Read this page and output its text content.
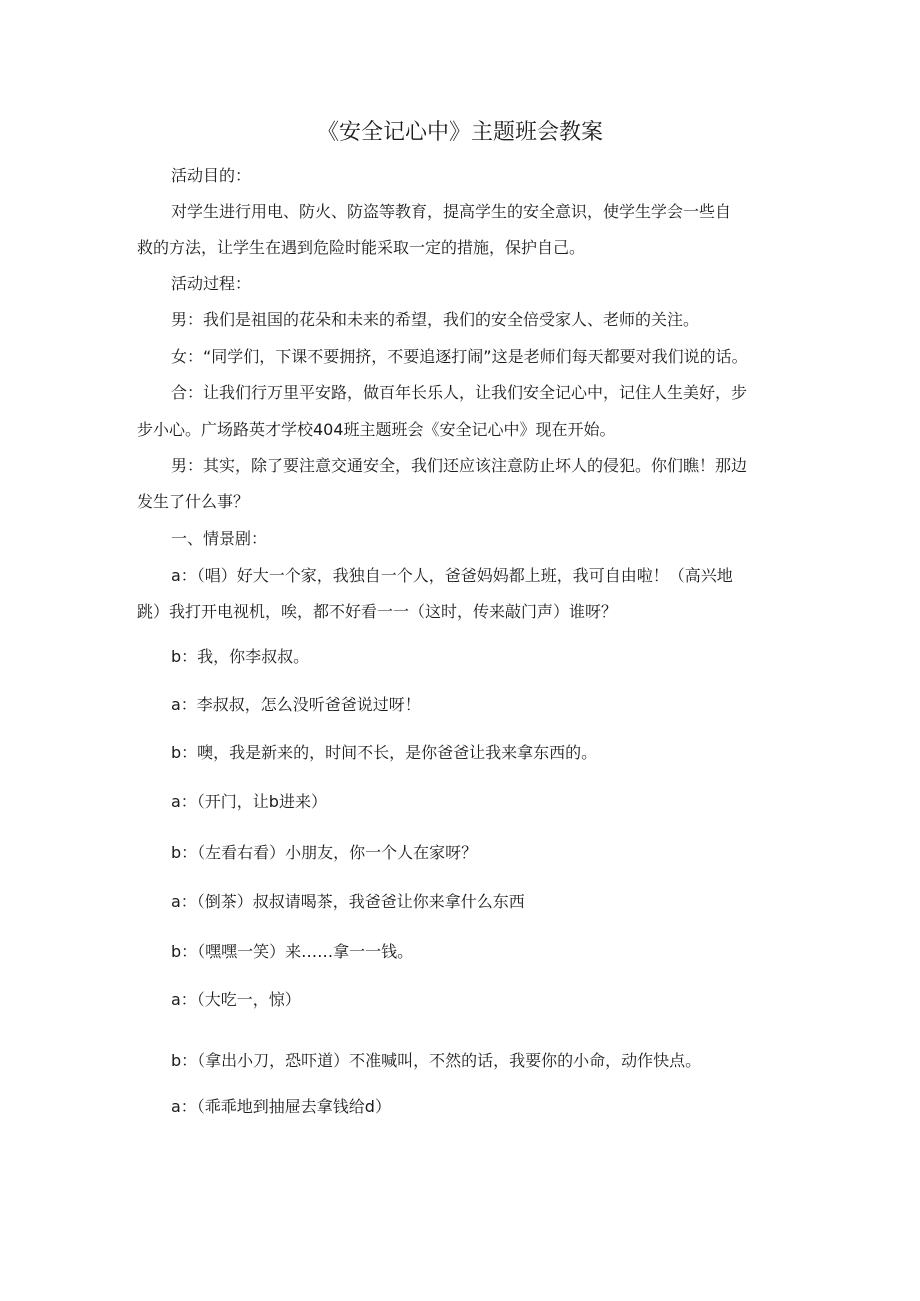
《安全记心中》主题班会教案

活动目的：

对学生进行用电、防火、防盗等教育，提高学生的安全意识，使学生学会一些自

救的方法，让学生在遇到危险时能采取一定的措施，保护自己。

活动过程：

男：我们是祖国的花朵和未来的希望，我们的安全倍受家人、老师的关注。

女：“同学们，下课不要拥挤，不要追逐打闹”这是老师们每天都要对我们说的话。

合：让我们行万里平安路，做百年长乐人，让我们安全记心中，记住人生美好，步

步小心。广场路英才学校404班主题班会《安全记心中》现在开始。

男：其实，除了要注意交通安全，我们还应该注意防止坏人的侵犯。你们瞧！那边

发生了什么事？

一、情景剧：

a：（唱）好大一个家，我独自一个人，爸爸妈妈都上班，我可自由啦！（高兴地

跳）我打开电视机，唉，都不好看一一（这时，传来敲门声）谁呀？

b：我，你李叔叔。

a：李叔叔，怎么没听爸爸说过呀！

b：噢，我是新来的，时间不长，是你爸爸让我来拿东西的。

a：（开门，让b进来）

b：（左看右看）小朋友，你一个人在家呀？

a：（倒茶）叔叔请喝茶，我爸爸让你来拿什么东西

b：（嘿嘿一笑）来……拿一一钱。

a：（大吃一，惊）

b：（拿出小刀，恐吓道）不准喊叫，不然的话，我要你的小命，动作快点。

a：（乖乖地到抽屉去拿钱给d）
